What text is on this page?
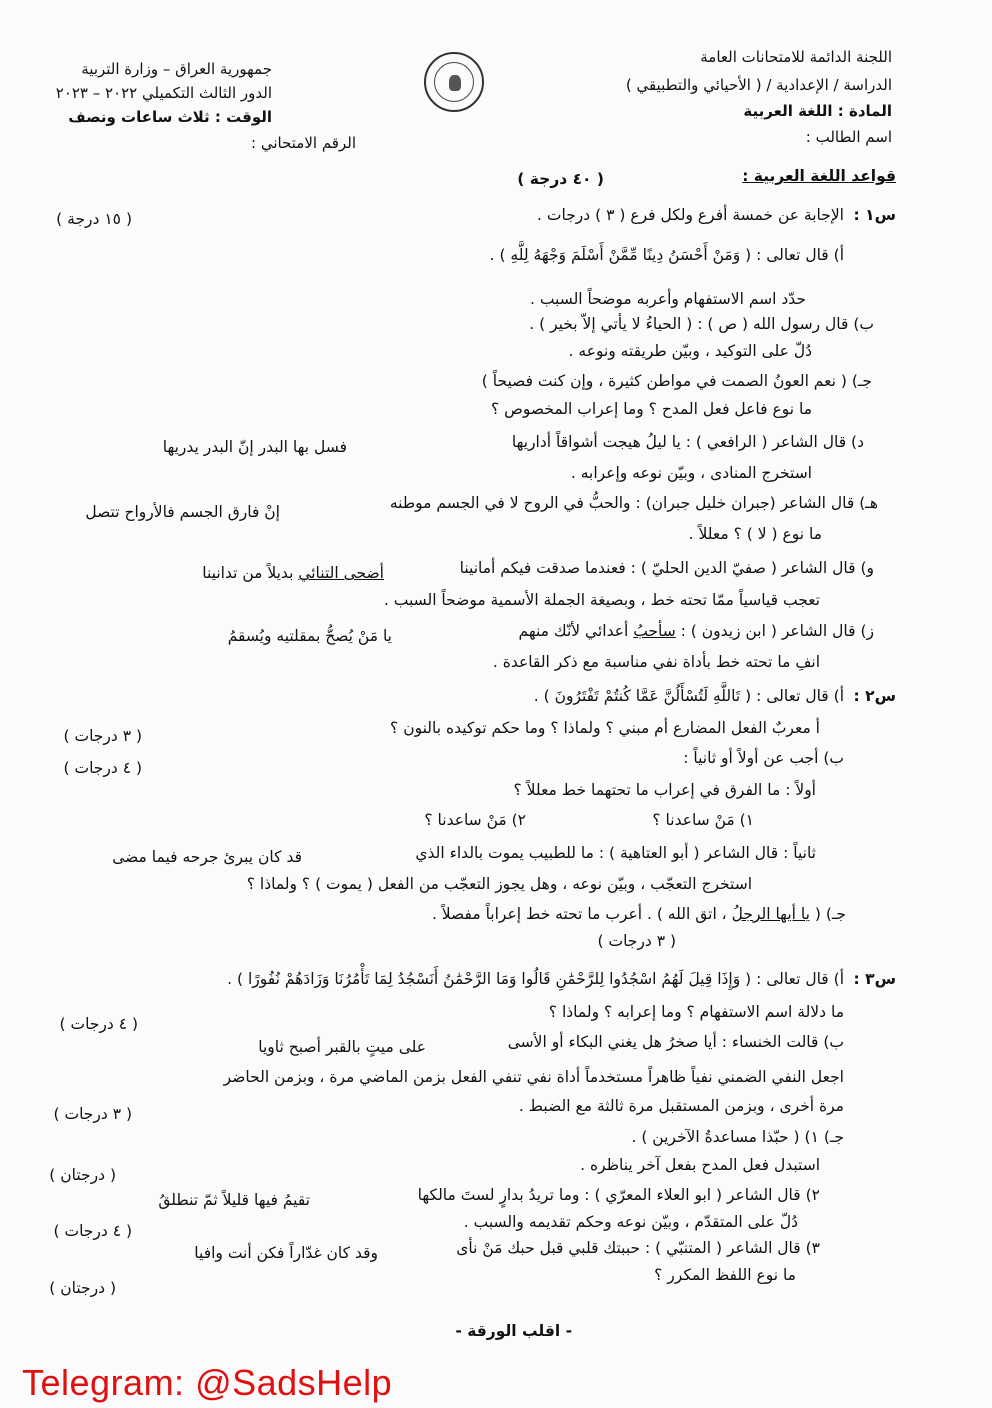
اللجنة الدائمة للامتحانات العامة
الدراسة / الإعدادية / ( الأحيائي والتطبيقي )
المادة : اللغة العربية
اسم الطالب :
جمهورية العراق – وزارة التربية
الدور الثالث التكميلي ٢٠٢٢ – ٢٠٢٣
الوقت : ثلاث ساعات ونصف
الرقم الامتحاني :
قواعد اللغة العربية :
( ٤٠ درجة )
س١ :
الإجابة عن خمسة أفرع ولكل فرع ( ٣ ) درجات .
( ١٥ درجة )
أ) قال تعالى : ( وَمَنْ أَحْسَنُ دِينًا مِّمَّنْ أَسْلَمَ وَجْهَهُ لِلَّهِ ) .
حدّد اسم الاستفهام وأعربه موضحاً السبب .
ب) قال رسول الله ( ص ) : ( الحياءُ لا يأتي إلاّ بخير ) .
دُلّ على التوكيد ، وبيّن طريقته ونوعه .
جـ) ( نعم العونُ الصمت في مواطن كثيرة ، وإن كنت فصيحاً )
ما نوع فاعل فعل المدح ؟ وما إعراب المخصوص ؟
د) قال الشاعر ( الرافعي ) : يا ليلُ هيجت أشواقاً أداريها
فسل بها البدر إنّ البدر يدريها
استخرج المنادى ، وبيّن نوعه وإعرابه .
هـ) قال الشاعر (جبران خليل جبران) : والحبُّ في الروح لا في الجسم موطنه
إنْ فارق الجسم فالأرواح تتصل
ما نوع ( لا ) ؟ معللاً .
و) قال الشاعر ( صفيّ الدين الحليّ ) : فعندما صدقت فيكم أمانينا
أضحى التنائي بديلاً من تدانينا
تعجب قياسياً ممّا تحته خط ، وبصيغة الجملة الأسمية موضحاً السبب .
ز) قال الشاعر ( ابن زيدون ) : سأحبُ أعدائي لأنّك منهم
يا مَنْ يُصحُّ بمقلتيه ويُسقمُ
انفِ ما تحته خط بأداة نفي مناسبة مع ذكر القاعدة .
س٢ :
أ) قال تعالى : ( تَاللَّهِ لَتُسْأَلُنَّ عَمَّا كُنتُمْ تَفْتَرُونَ ) .
أ معربٌ الفعل المضارع أم مبني ؟ ولماذا ؟ وما حكم توكيده بالنون ؟
( ٣ درجات )
ب) أجب عن أولاً أو ثانياً :
( ٤ درجات )
أولاً : ما الفرق في إعراب ما تحتهما خط معللاً ؟
١) مَنْ ساعدنا ؟
٢) مَنْ ساعدنا ؟
ثانياً : قال الشاعر ( أبو العتاهية ) : ما للطبيب يموت بالداء الذي
قد كان يبرئ جرحه فيما مضى
استخرج التعجّب ، وبيّن نوعه ، وهل يجوز التعجّب من الفعل ( يموت ) ؟ ولماذا ؟
جـ) ( يا أيها الرجلُ ، اتق الله ) . أعرب ما تحته خط إعراباً مفصلاً .
( ٣ درجات )
س٣ :
أ) قال تعالى : ( وَإِذَا قِيلَ لَهُمُ اسْجُدُوا لِلرَّحْمَٰنِ قَالُوا وَمَا الرَّحْمَٰنُ أَنَسْجُدُ لِمَا تَأْمُرُنَا وَزَادَهُمْ نُفُورًا ) .
ما دلالة اسم الاستفهام ؟ وما إعرابه ؟ ولماذا ؟
( ٤ درجات )
ب) قالت الخنساء : أيا صخرُ هل يغني البكاء أو الأسى
على ميتٍ بالقبر أصبح ثاويا
اجعل النفي الضمني نفياً ظاهراً مستخدماً أداة نفي تنفي الفعل بزمن الماضي مرة ، وبزمن الحاضر
مرة أخرى ، وبزمن المستقبل مرة ثالثة مع الضبط .
( ٣ درجات )
جـ) ١) ( حبّذا مساعدةُ الآخرين ) .
استبدل فعل المدح بفعل آخر يناظره .
( درجتان )
٢) قال الشاعر ( ابو العلاء المعرّي ) : وما تريدُ بدارٍ لستَ مالكها
تقيمُ فيها قليلاً ثمّ تنطلقُ
دُلّ على المتقدّم ، وبيّن نوعه وحكم تقديمه والسبب .
( ٤ درجات )
٣) قال الشاعر ( المتنبّي ) : حببتك قلبي قبل حبك مَنْ نأى
وقد كان غدّاراً فكن أنت وافيا
ما نوع اللفظ المكرر ؟
( درجتان )
- اقلب الورقة -
Telegram: @SadsHelp
